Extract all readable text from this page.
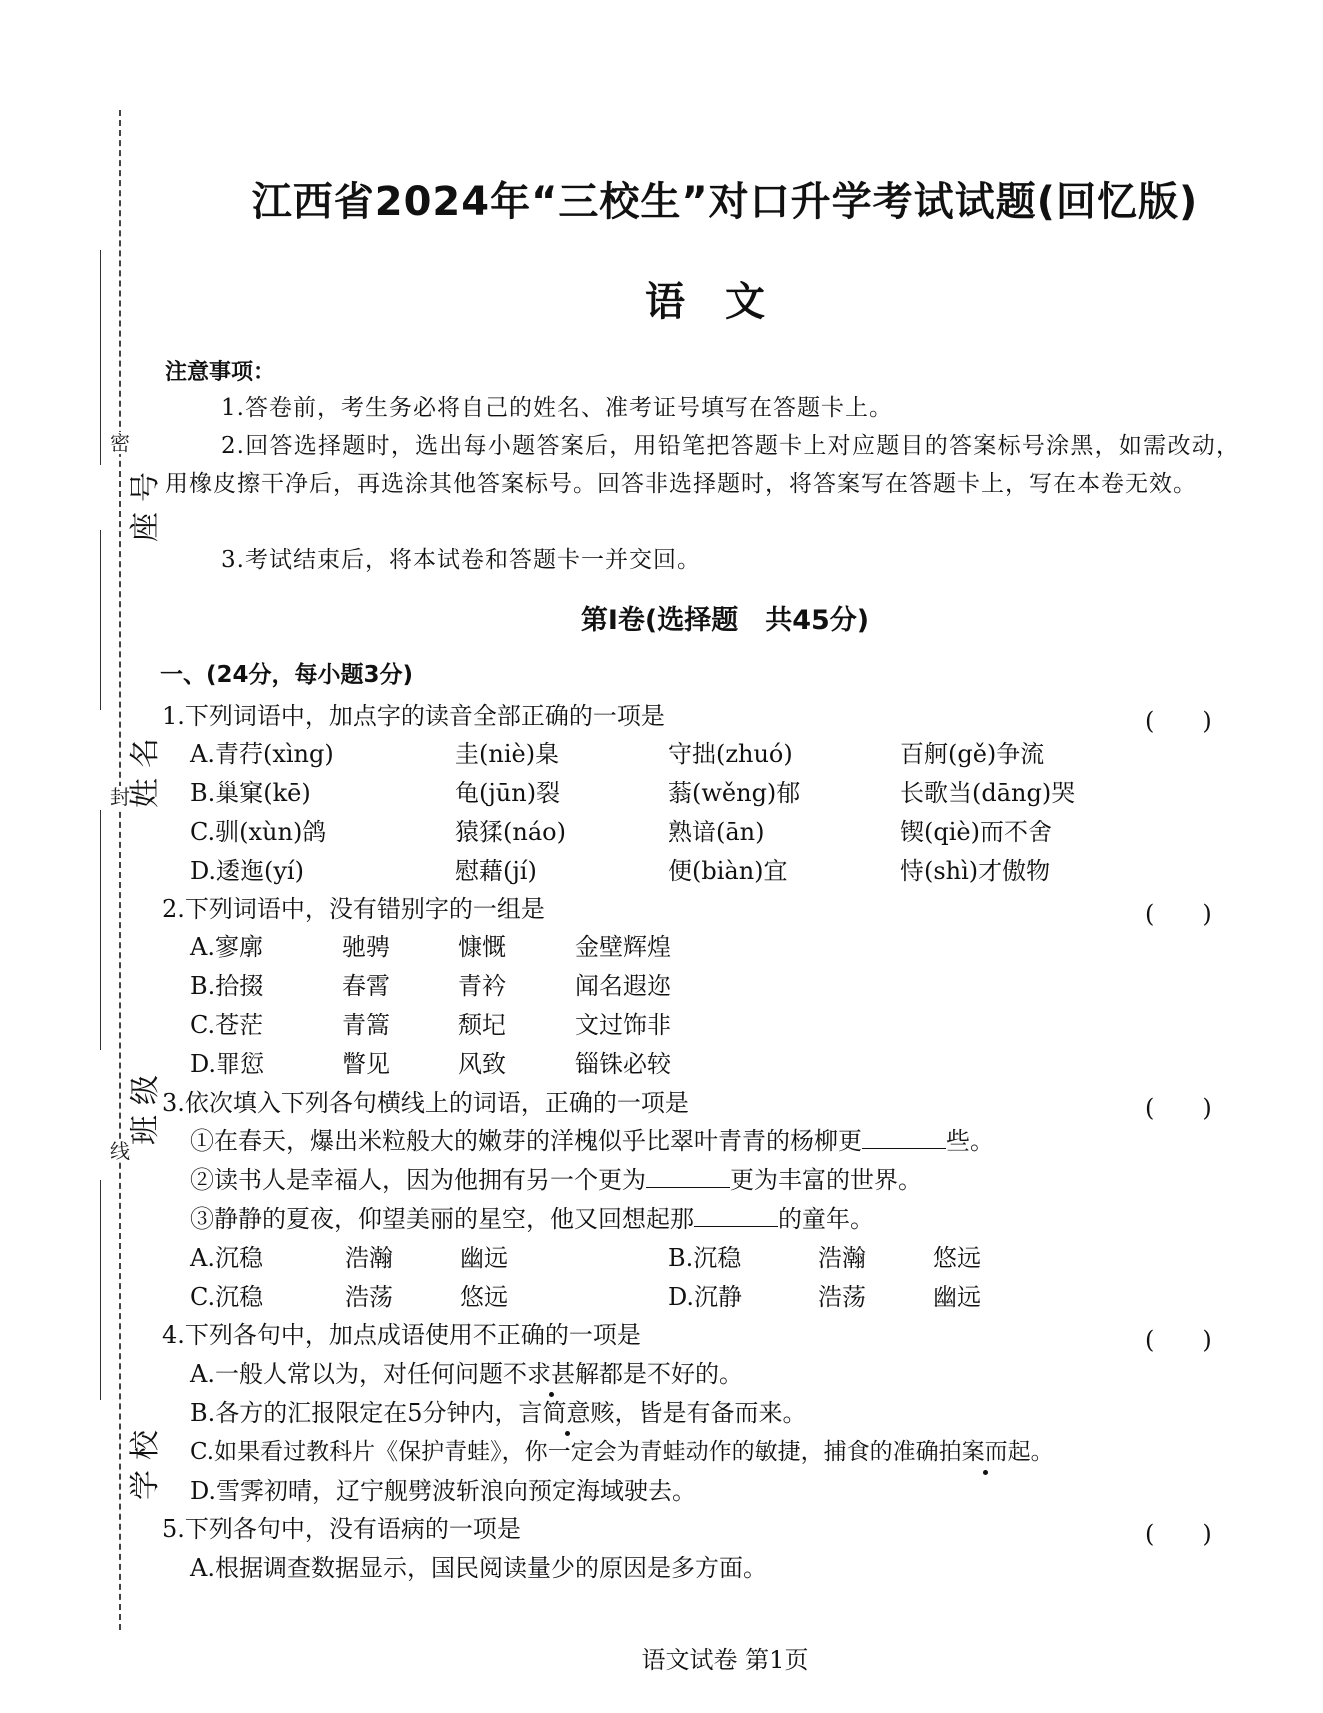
密
封
线
座号
姓名
班级
学校
江西省2024年“三校生”对口升学考试试题(回忆版)
语文
注意事项：
1.答卷前，考生务必将自己的姓名、准考证号填写在答题卡上。
2.回答选择题时，选出每小题答案后，用铅笔把答题卡上对应题目的答案标号涂黑，如需改动，用橡皮擦干净后，再选涂其他答案标号。回答非选择题时，将答案写在答题卡上，写在本卷无效。
3.考试结束后，将本试卷和答题卡一并交回。
第Ⅰ卷(选择题　共45分)
一、(24分，每小题3分)
1.下列词语中，加点字的读音全部正确的一项是	(　　)
A.青荇(xìng)	圭(niè)臬	守拙(zhuó)	百舸(gě)争流
B.巢窠(kē)	龟(jūn)裂	蓊(wěng)郁	长歌当(dāng)哭
C.驯(xùn)鸽	猿猱(náo)	熟谙(ān)	锲(qiè)而不舍
D.逶迤(yí)	慰藉(jí)	便(biàn)宜	恃(shì)才傲物
2.下列词语中，没有错别字的一组是	(　　)
A.寥廓	驰骋	慷慨	金壁辉煌
B.拾掇	春霄	青衿	闻名遐迩
C.苍茫	青篙	颓圮	文过饰非
D.罪愆	瞥见	风致	锱铢必较
3.依次填入下列各句横线上的词语，正确的一项是	(　　)
①在春天，爆出米粒般大的嫩芽的洋槐似乎比翠叶青青的杨柳更	些。
②读书人是幸福人，因为他拥有另一个更为	更为丰富的世界。
③静静的夏夜，仰望美丽的星空，他又回想起那	的童年。
A.沉稳	浩瀚	幽远	B.沉稳	浩瀚	悠远
C.沉稳	浩荡	悠远	D.沉静	浩荡	幽远
4.下列各句中，加点成语使用不正确的一项是	(　　)
A.一般人常以为，对任何问题不求甚解都是不好的。
B.各方的汇报限定在5分钟内，言简意赅，皆是有备而来。
C.如果看过教科片《保护青蛙》，你一定会为青蛙动作的敏捷，捕食的准确拍案而起。
D.雪霁初晴，辽宁舰劈波斩浪向预定海域驶去。
5.下列各句中，没有语病的一项是	(　　)
A.根据调查数据显示，国民阅读量少的原因是多方面。
语文试卷 第1页
